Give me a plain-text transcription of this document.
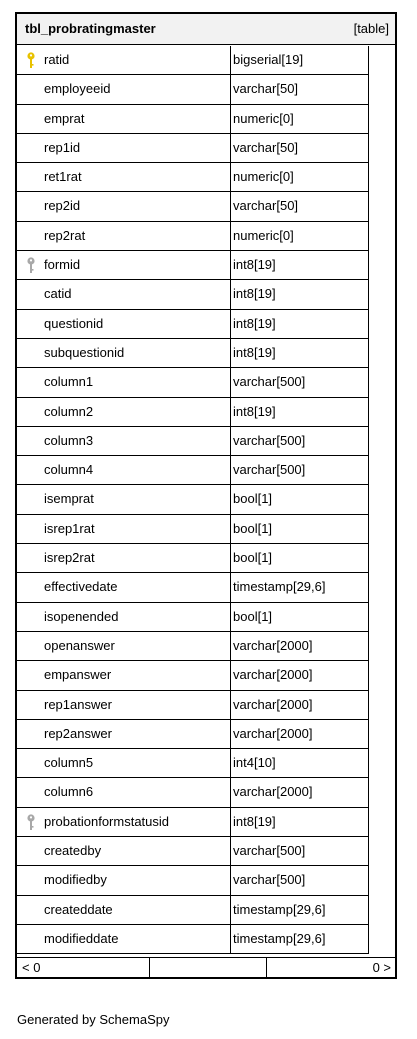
tbl_probratingmaster	[table]
ratid	bigserial[19]
employeeid	varchar[50]
emprat	numeric[0]
rep1id	varchar[50]
ret1rat	numeric[0]
rep2id	varchar[50]
rep2rat	numeric[0]
formid	int8[19]
catid	int8[19]
questionid	int8[19]
subquestionid	int8[19]
column1	varchar[500]
column2	int8[19]
column3	varchar[500]
column4	varchar[500]
isemprat	bool[1]
isrep1rat	bool[1]
isrep2rat	bool[1]
effectivedate	timestamp[29,6]
isopenended	bool[1]
openanswer	varchar[2000]
empanswer	varchar[2000]
rep1answer	varchar[2000]
rep2answer	varchar[2000]
column5	int4[10]
column6	varchar[2000]
probationformstatusid	int8[19]
createdby	varchar[500]
modifiedby	varchar[500]
createddate	timestamp[29,6]
modifieddate	timestamp[29,6]
< 0	0 >
Generated by SchemaSpy
